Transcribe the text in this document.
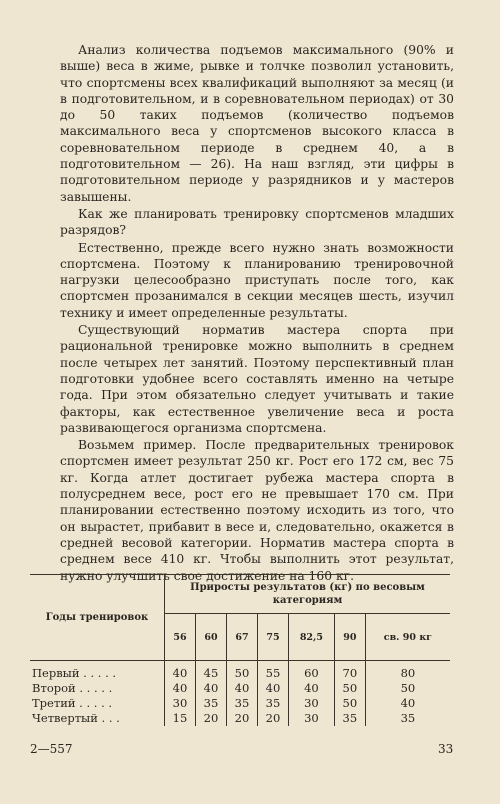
Анализ количества подъемов максимального (90% и выше) веса в жиме, рывке и толчке позволил установить, что спортсмены всех квалификаций выполняют за месяц (и в подготовительном, и в соревновательном периодах) от 30 до 50 таких подъемов (количество подъемов максимального веса у спортсменов высокого класса в соревновательном периоде в среднем 40, а в подготовительном — 26). На наш взгляд, эти цифры в подготовительном периоде у разрядников и у мастеров завышены.

Как же планировать тренировку спортсменов младших разрядов?

Естественно, прежде всего нужно знать возможности спортсмена. Поэтому к планированию тренировочной нагрузки целесообразно приступать после того, как спортсмен прозанимался в секции месяцев шесть, изучил технику и имеет определенные результаты.

Существующий норматив мастера спорта при рациональной тренировке можно выполнить в среднем после четырех лет занятий. Поэтому перспективный план подготовки удобнее всего составлять именно на четыре года. При этом обязательно следует учитывать и такие факторы, как естественное увеличение веса и роста развивающегося организма спортсмена.

Возьмем пример. После предварительных тренировок спортсмен имеет результат 250 кг. Рост его 172 см, вес 75 кг. Когда атлет достигает рубежа мастера спорта в полусреднем весе, рост его не превышает 170 см. При планировании естественно поэтому исходить из того, что он вырастет, прибавит в весе и, следовательно, окажется в средней весовой категории. Норматив мастера спорта в среднем весе 410 кг. Чтобы выполнить этот результат, нужно улучшить свое достижение на 160 кг.

Годы тренировок	Приросты результатов (кг) по весовым категориям						
	56	60	67	75	82,5	90	св. 90 кг
Первый . . . . .	40	45	50	55	60	70	80
Второй . . . . .	40	40	40	40	40	50	50
Третий . . . . .	30	35	35	35	30	50	40
Четвертый . . .	15	20	20	20	30	35	35
2—557	33
